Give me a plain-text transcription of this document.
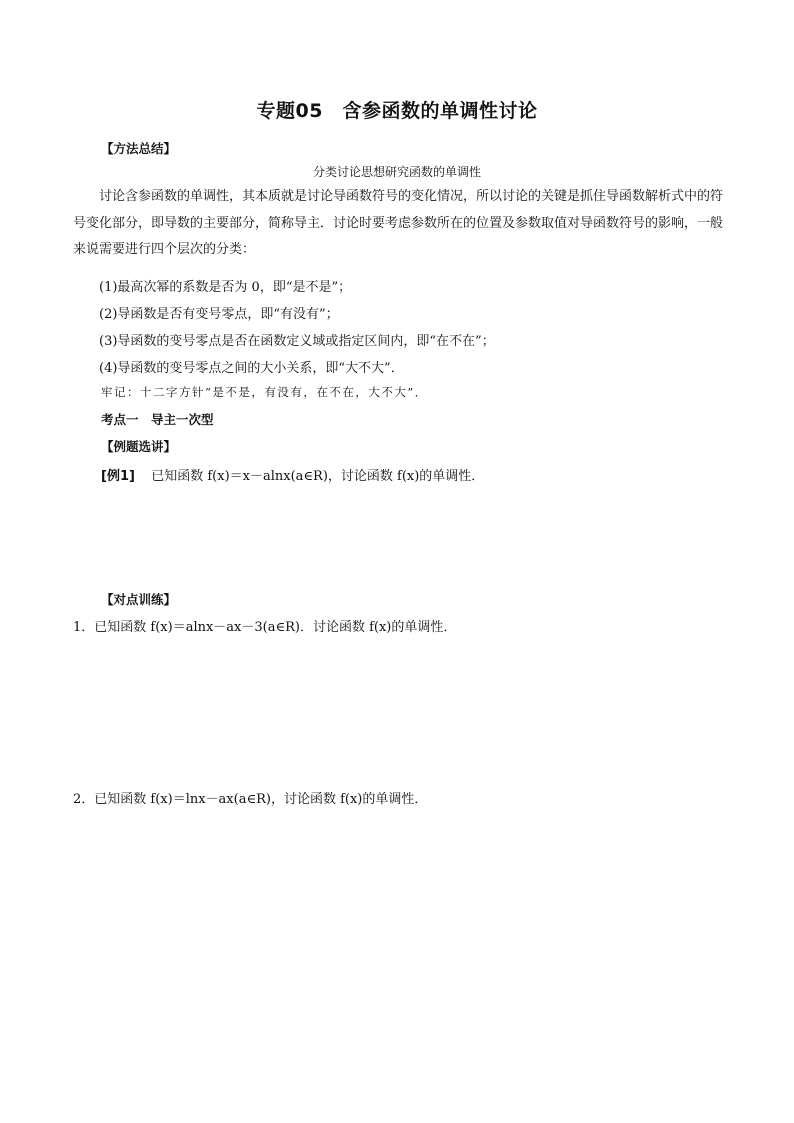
专题05　含参函数的单调性讨论
【方法总结】
分类讨论思想研究函数的单调性
讨论含参函数的单调性，其本质就是讨论导函数符号的变化情况，所以讨论的关键是抓住导函数解析式中的符号变化部分，即导数的主要部分，简称导主．讨论时要考虑参数所在的位置及参数取值对导函数符号的影响，一般来说需要进行四个层次的分类：
(1)最高次幂的系数是否为 0，即“是不是”；
(2)导函数是否有变号零点，即“有没有”；
(3)导函数的变号零点是否在函数定义域或指定区间内，即“在不在”；
(4)导函数的变号零点之间的大小关系，即“大不大”．
牢记：十二字方针“是不是，有没有，在不在，大不大”．
考点一　导主一次型
【例题选讲】
[例1] 已知函数 f(x)＝x－alnx(a∈R)，讨论函数 f(x)的单调性．
【对点训练】
1．已知函数 f(x)＝alnx－ax－3(a∈R)．讨论函数 f(x)的单调性．
2．已知函数 f(x)＝lnx－ax(a∈R)，讨论函数 f(x)的单调性．
